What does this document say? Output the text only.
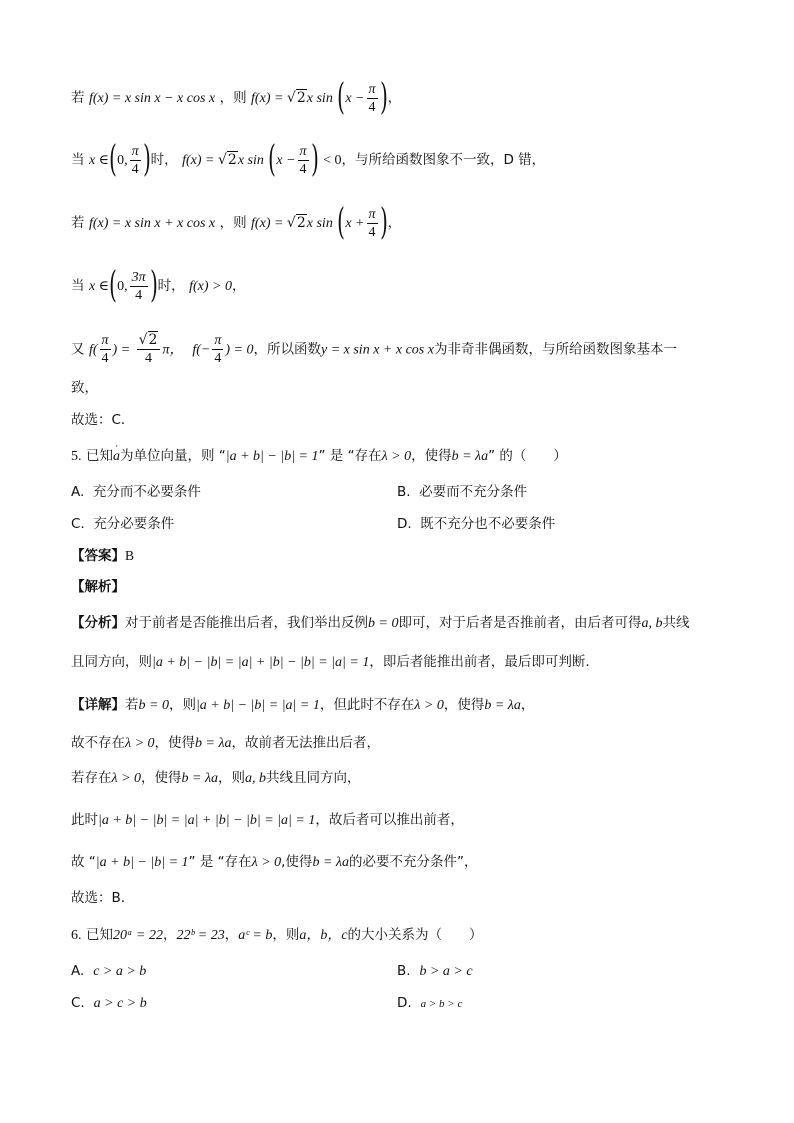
若 f(x) = x sin x − x cos x ，则 f(x) = √2x $\sin (x - \frac{\pi}{4}$ )，
当 x ∈(0, $\frac{\pi}{4}$ )时， f(x) = √2x $\sin (x - \frac{\pi}{4}$ ) < 0，与所给函数图象不一致，D 错，
若 f(x) = x sin x + x cos x ，则 f(x) = √2x $\sin (x + \frac{\pi}{4}$ )，
当 x ∈(0, $\frac{3\pi}{4}$ )时， f(x) > 0，
又 $f( \frac{\pi}{4}$ ) = $\frac{√2}{4}$ π， $f(- \frac{\pi}{4}$ ) = 0，所以函数y = x sin x + x cos x为非奇非偶函数，与所给函数图象基本一
致，
故选：C．
5. 已知' a为单位向量，则 “|a + b| − |b| = 1” 是 “存在λ > 0，使得b = λa” 的（　　）
A. 充分而不必要条件	B. 必要而不充分条件
C. 充分必要条件	D. 既不充分也不必要条件
【答案】B
【解析】
【分析】对于前者是否能推出后者，我们举出反例b = 0即可，对于后者是否推前者，由后者可得a, b共线
且同方向，则|a + b| − |b| = |a| + |b| − |b| = |a| = 1，即后者能推出前者，最后即可判断.
【详解】若b = 0，则|a + b| − |b| = |a| = 1，但此时不存在λ > 0，使得b = λa，
故不存在λ > 0，使得b = λa，故前者无法推出后者，
若存在λ > 0，使得b = λa，则a, b共线且同方向，
此时|a + b| − |b| = |a| + |b| − |b| = |a| = 1，故后者可以推出前者，
故 “|a + b| − |b| = 1” 是 “存在λ > 0,使得b = λa的必要不充分条件”，
故选：B.
6. 已知20ᵃ = 22，22ᵇ = 23，aᶜ = b，则a，b，c的大小关系为（　　）
A. c > a > b	B. b > a > c
C. a > c > b	D. a > b > c
